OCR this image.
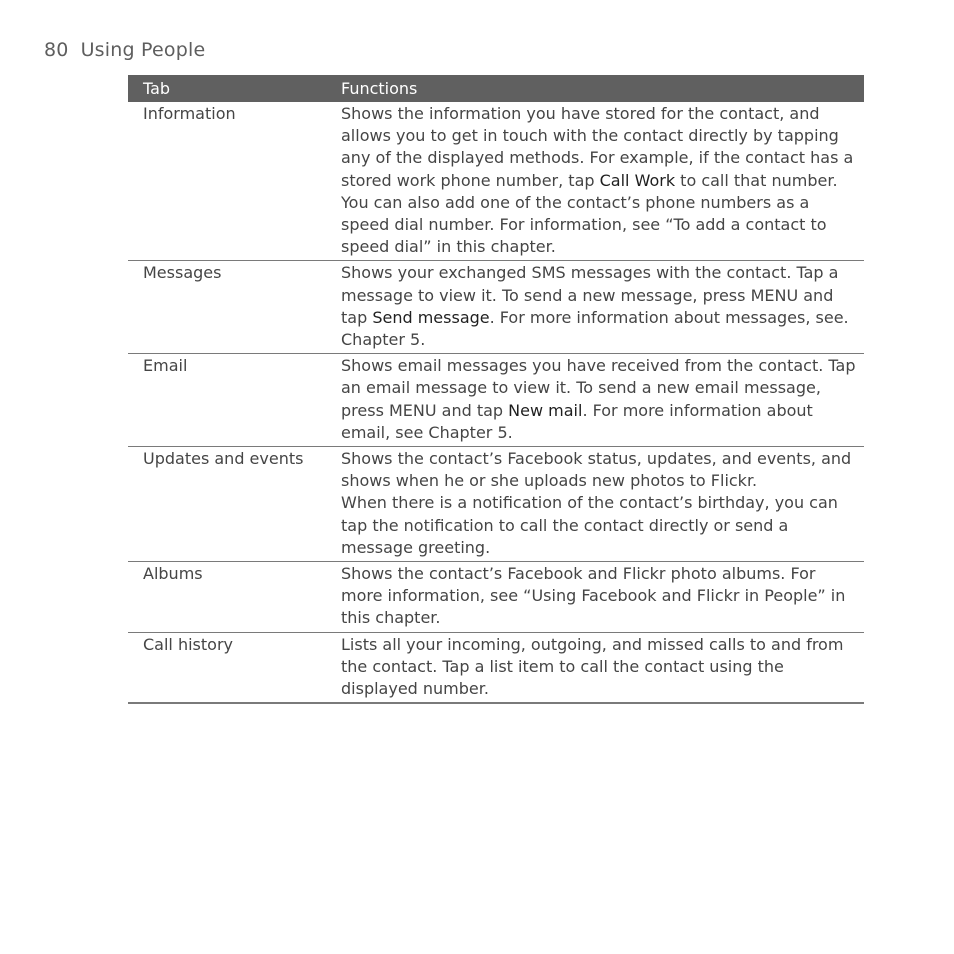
80 Using People
Tab	Functions
Information	Shows the information you have stored for the contact, and allows you to get in touch with the contact directly by tapping any of the displayed methods. For example, if the contact has a stored work phone number, tap Call Work to call that number.
You can also add one of the contact’s phone numbers as a speed dial number. For information, see “To add a contact to speed dial” in this chapter.

Messages	Shows your exchanged SMS messages with the contact. Tap a message to view it. To send a new message, press MENU and tap Send message. For more information about messages, see. Chapter 5.

Email	Shows email messages you have received from the contact. Tap an email message to view it. To send a new email message, press MENU and tap New mail. For more information about email, see Chapter 5.

Updates and events	Shows the contact’s Facebook status, updates, and events, and shows when he or she uploads new photos to Flickr.
When there is a notification of the contact’s birthday, you can tap the notification to call the contact directly or send a message greeting.

Albums	Shows the contact’s Facebook and Flickr photo albums. For more information, see “Using Facebook and Flickr in People” in this chapter.

Call history	Lists all your incoming, outgoing, and missed calls to and from the contact. Tap a list item to call the contact using the displayed number.
